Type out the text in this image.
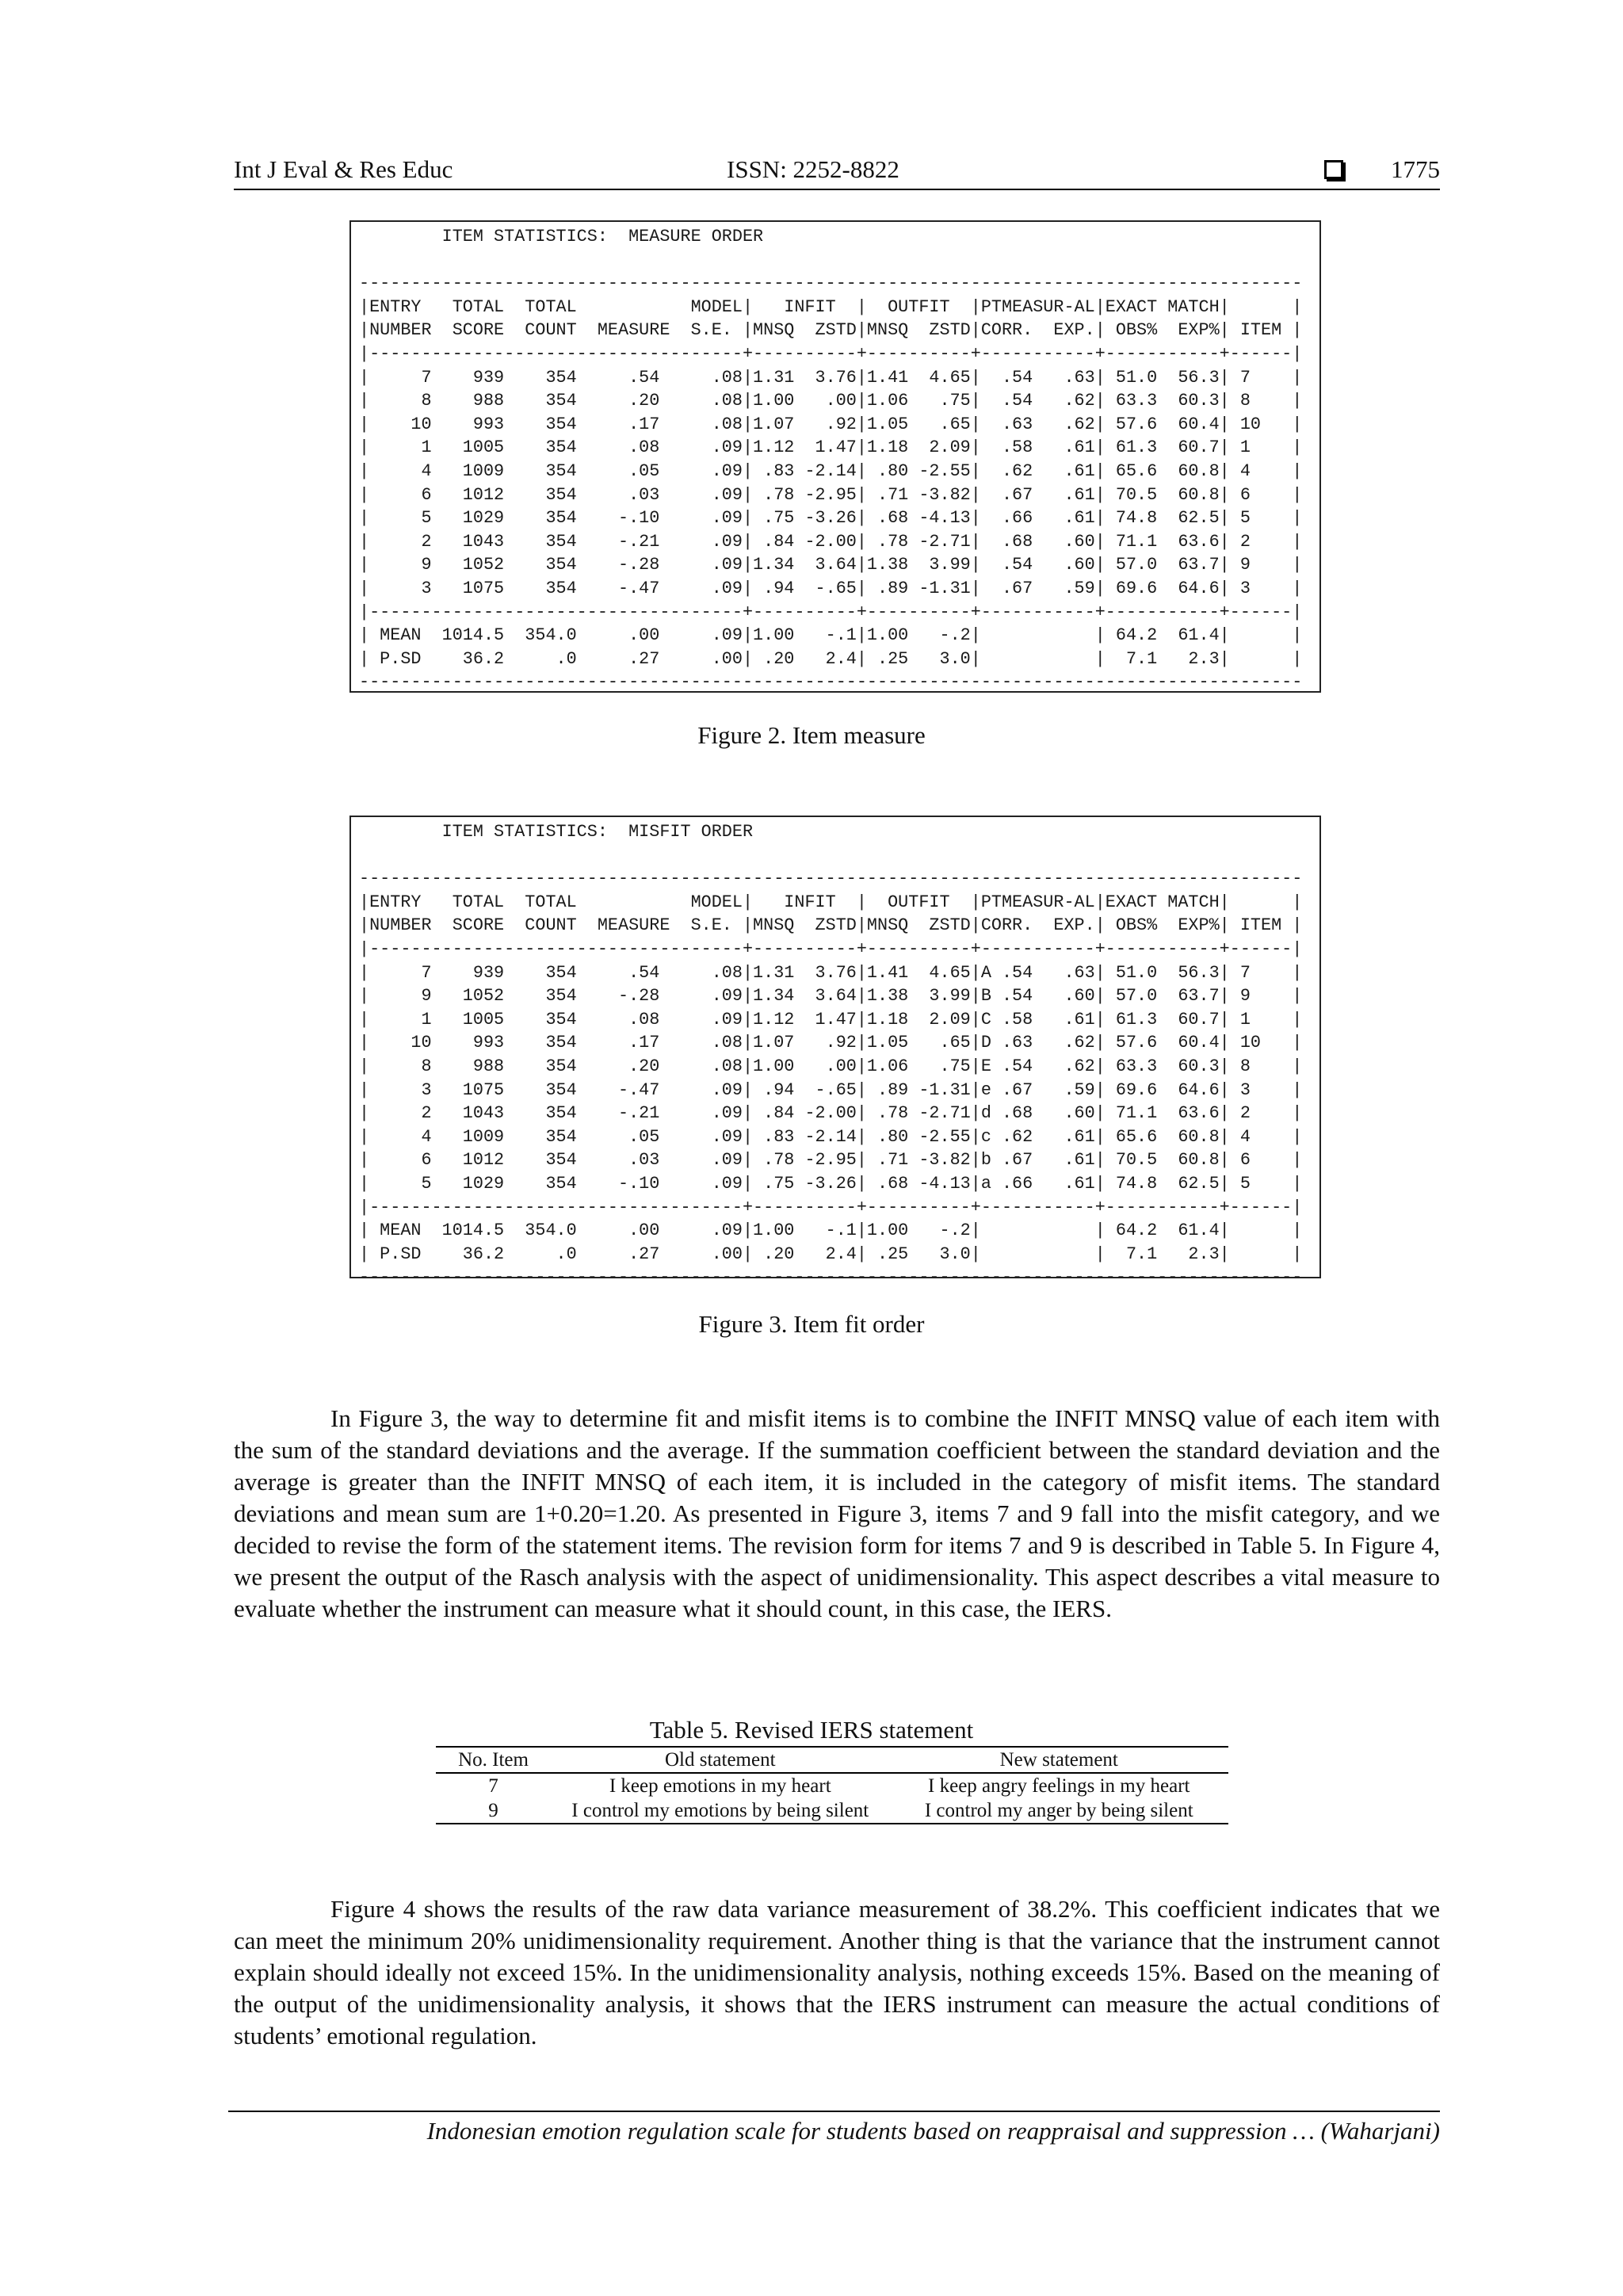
Int J Eval & Res Educ	ISSN: 2252-8822	1775
ITEM STATISTICS:  MEASURE ORDER

-------------------------------------------------------------------------------------------
|ENTRY   TOTAL  TOTAL           MODEL|   INFIT  |  OUTFIT  |PTMEASUR-AL|EXACT MATCH|      |
|NUMBER  SCORE  COUNT  MEASURE  S.E. |MNSQ  ZSTD|MNSQ  ZSTD|CORR.  EXP.| OBS%  EXP%| ITEM |
|------------------------------------+----------+----------+-----------+-----------+------|
|     7    939    354     .54     .08|1.31  3.76|1.41  4.65|  .54   .63| 51.0  56.3| 7    |
|     8    988    354     .20     .08|1.00   .00|1.06   .75|  .54   .62| 63.3  60.3| 8    |
|    10    993    354     .17     .08|1.07   .92|1.05   .65|  .63   .62| 57.6  60.4| 10   |
|     1   1005    354     .08     .09|1.12  1.47|1.18  2.09|  .58   .61| 61.3  60.7| 1    |
|     4   1009    354     .05     .09| .83 -2.14| .80 -2.55|  .62   .61| 65.6  60.8| 4    |
|     6   1012    354     .03     .09| .78 -2.95| .71 -3.82|  .67   .61| 70.5  60.8| 6    |
|     5   1029    354    -.10     .09| .75 -3.26| .68 -4.13|  .66   .61| 74.8  62.5| 5    |
|     2   1043    354    -.21     .09| .84 -2.00| .78 -2.71|  .68   .60| 71.1  63.6| 2    |
|     9   1052    354    -.28     .09|1.34  3.64|1.38  3.99|  .54   .60| 57.0  63.7| 9    |
|     3   1075    354    -.47     .09| .94  -.65| .89 -1.31|  .67   .59| 69.6  64.6| 3    |
|------------------------------------+----------+----------+-----------+-----------+------|
| MEAN  1014.5  354.0     .00     .09|1.00   -.1|1.00   -.2|           | 64.2  61.4|      |
| P.SD    36.2     .0     .27     .00| .20   2.4| .25   3.0|           |  7.1   2.3|      |
-------------------------------------------------------------------------------------------
Figure 2. Item measure
ITEM STATISTICS:  MISFIT ORDER

-------------------------------------------------------------------------------------------
|ENTRY   TOTAL  TOTAL           MODEL|   INFIT  |  OUTFIT  |PTMEASUR-AL|EXACT MATCH|      |
|NUMBER  SCORE  COUNT  MEASURE  S.E. |MNSQ  ZSTD|MNSQ  ZSTD|CORR.  EXP.| OBS%  EXP%| ITEM |
|------------------------------------+----------+----------+-----------+-----------+------|
|     7    939    354     .54     .08|1.31  3.76|1.41  4.65|A .54   .63| 51.0  56.3| 7    |
|     9   1052    354    -.28     .09|1.34  3.64|1.38  3.99|B .54   .60| 57.0  63.7| 9    |
|     1   1005    354     .08     .09|1.12  1.47|1.18  2.09|C .58   .61| 61.3  60.7| 1    |
|    10    993    354     .17     .08|1.07   .92|1.05   .65|D .63   .62| 57.6  60.4| 10   |
|     8    988    354     .20     .08|1.00   .00|1.06   .75|E .54   .62| 63.3  60.3| 8    |
|     3   1075    354    -.47     .09| .94  -.65| .89 -1.31|e .67   .59| 69.6  64.6| 3    |
|     2   1043    354    -.21     .09| .84 -2.00| .78 -2.71|d .68   .60| 71.1  63.6| 2    |
|     4   1009    354     .05     .09| .83 -2.14| .80 -2.55|c .62   .61| 65.6  60.8| 4    |
|     6   1012    354     .03     .09| .78 -2.95| .71 -3.82|b .67   .61| 70.5  60.8| 6    |
|     5   1029    354    -.10     .09| .75 -3.26| .68 -4.13|a .66   .61| 74.8  62.5| 5    |
|------------------------------------+----------+----------+-----------+-----------+------|
| MEAN  1014.5  354.0     .00     .09|1.00   -.1|1.00   -.2|           | 64.2  61.4|      |
| P.SD    36.2     .0     .27     .00| .20   2.4| .25   3.0|           |  7.1   2.3|      |
-------------------------------------------------------------------------------------------
Figure 3. Item fit order

In Figure 3, the way to determine fit and misfit items is to combine the INFIT MNSQ value of each item with the sum of the standard deviations and the average. If the summation coefficient between the standard deviation and the average is greater than the INFIT MNSQ of each item, it is included in the category of misfit items. The standard deviations and mean sum are 1+0.20=1.20. As presented in Figure 3, items 7 and 9 fall into the misfit category, and we decided to revise the form of the statement items. The revision form for items 7 and 9 is described in Table 5. In Figure 4, we present the output of the Rasch analysis with the aspect of unidimensionality. This aspect describes a vital measure to evaluate whether the instrument can measure what it should count, in this case, the IERS.

Table 5. Revised IERS statement
No. Item	Old statement	New statement
7	I keep emotions in my heart	I keep angry feelings in my heart
9	I control my emotions by being silent	I control my anger by being silent

Figure 4 shows the results of the raw data variance measurement of 38.2%. This coefficient indicates that we can meet the minimum 20% unidimensionality requirement. Another thing is that the variance that the instrument cannot explain should ideally not exceed 15%. In the unidimensionality analysis, nothing exceeds 15%. Based on the meaning of the output of the unidimensionality analysis, it shows that the IERS instrument can measure the actual conditions of students’ emotional regulation.

Indonesian emotion regulation scale for students based on reappraisal and suppression … (Waharjani)
